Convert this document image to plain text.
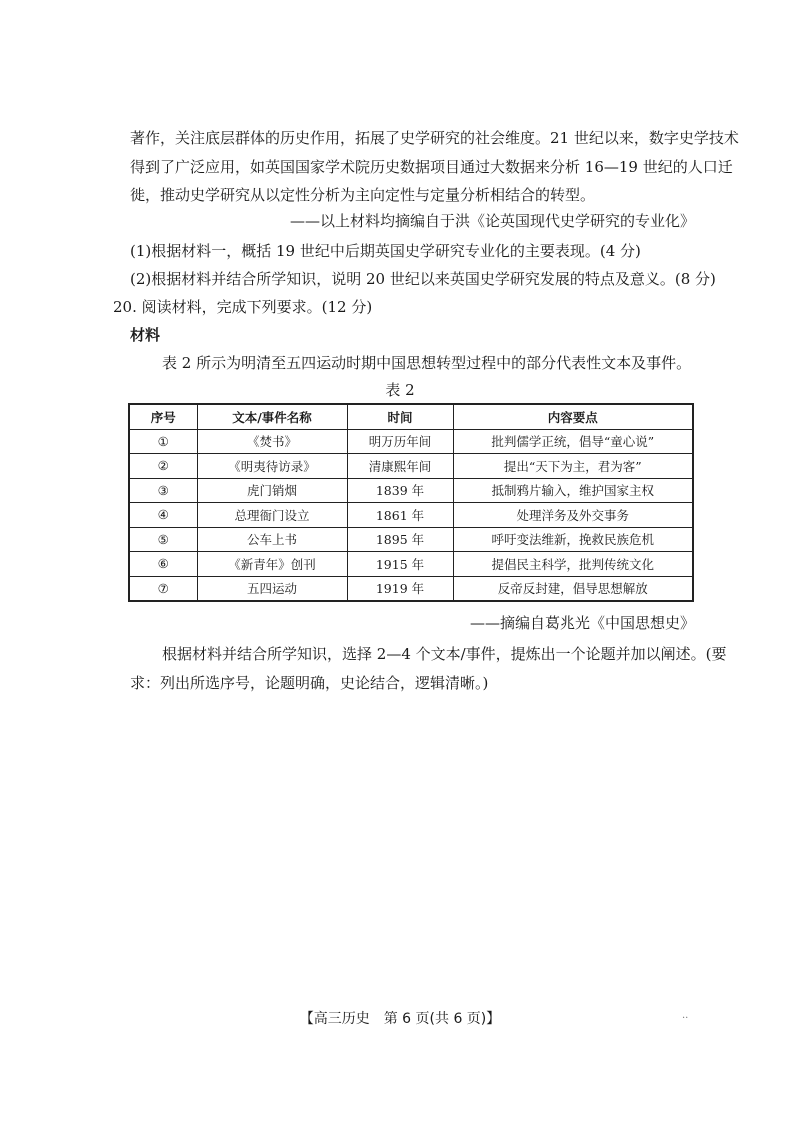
著作，关注底层群体的历史作用，拓展了史学研究的社会维度。21 世纪以来，数字史学技术
得到了广泛应用，如英国国家学术院历史数据项目通过大数据来分析 16—19 世纪的人口迁
徙，推动史学研究从以定性分析为主向定性与定量分析相结合的转型。
——以上材料均摘编自于洪《论英国现代史学研究的专业化》
(1)根据材料一，概括 19 世纪中后期英国史学研究专业化的主要表现。(4 分)
(2)根据材料并结合所学知识，说明 20 世纪以来英国史学研究发展的特点及意义。(8 分)
20. 阅读材料，完成下列要求。(12 分)
材料
表 2 所示为明清至五四运动时期中国思想转型过程中的部分代表性文本及事件。
表 2
序号	文本/事件名称	时间	内容要点
①	《焚书》	明万历年间	批判儒学正统，倡导“童心说”
②	《明夷待访录》	清康熙年间	提出“天下为主，君为客”
③	虎门销烟	1839 年	抵制鸦片输入，维护国家主权
④	总理衙门设立	1861 年	处理洋务及外交事务
⑤	公车上书	1895 年	呼吁变法维新，挽救民族危机
⑥	《新青年》创刊	1915 年	提倡民主科学，批判传统文化
⑦	五四运动	1919 年	反帝反封建，倡导思想解放
——摘编自葛兆光《中国思想史》
根据材料并结合所学知识，选择 2—4 个文本/事件，提炼出一个论题并加以阐述。(要
求：列出所选序号，论题明确，史论结合，逻辑清晰。)
【高三历史　第 6 页(共 6 页)】	..
